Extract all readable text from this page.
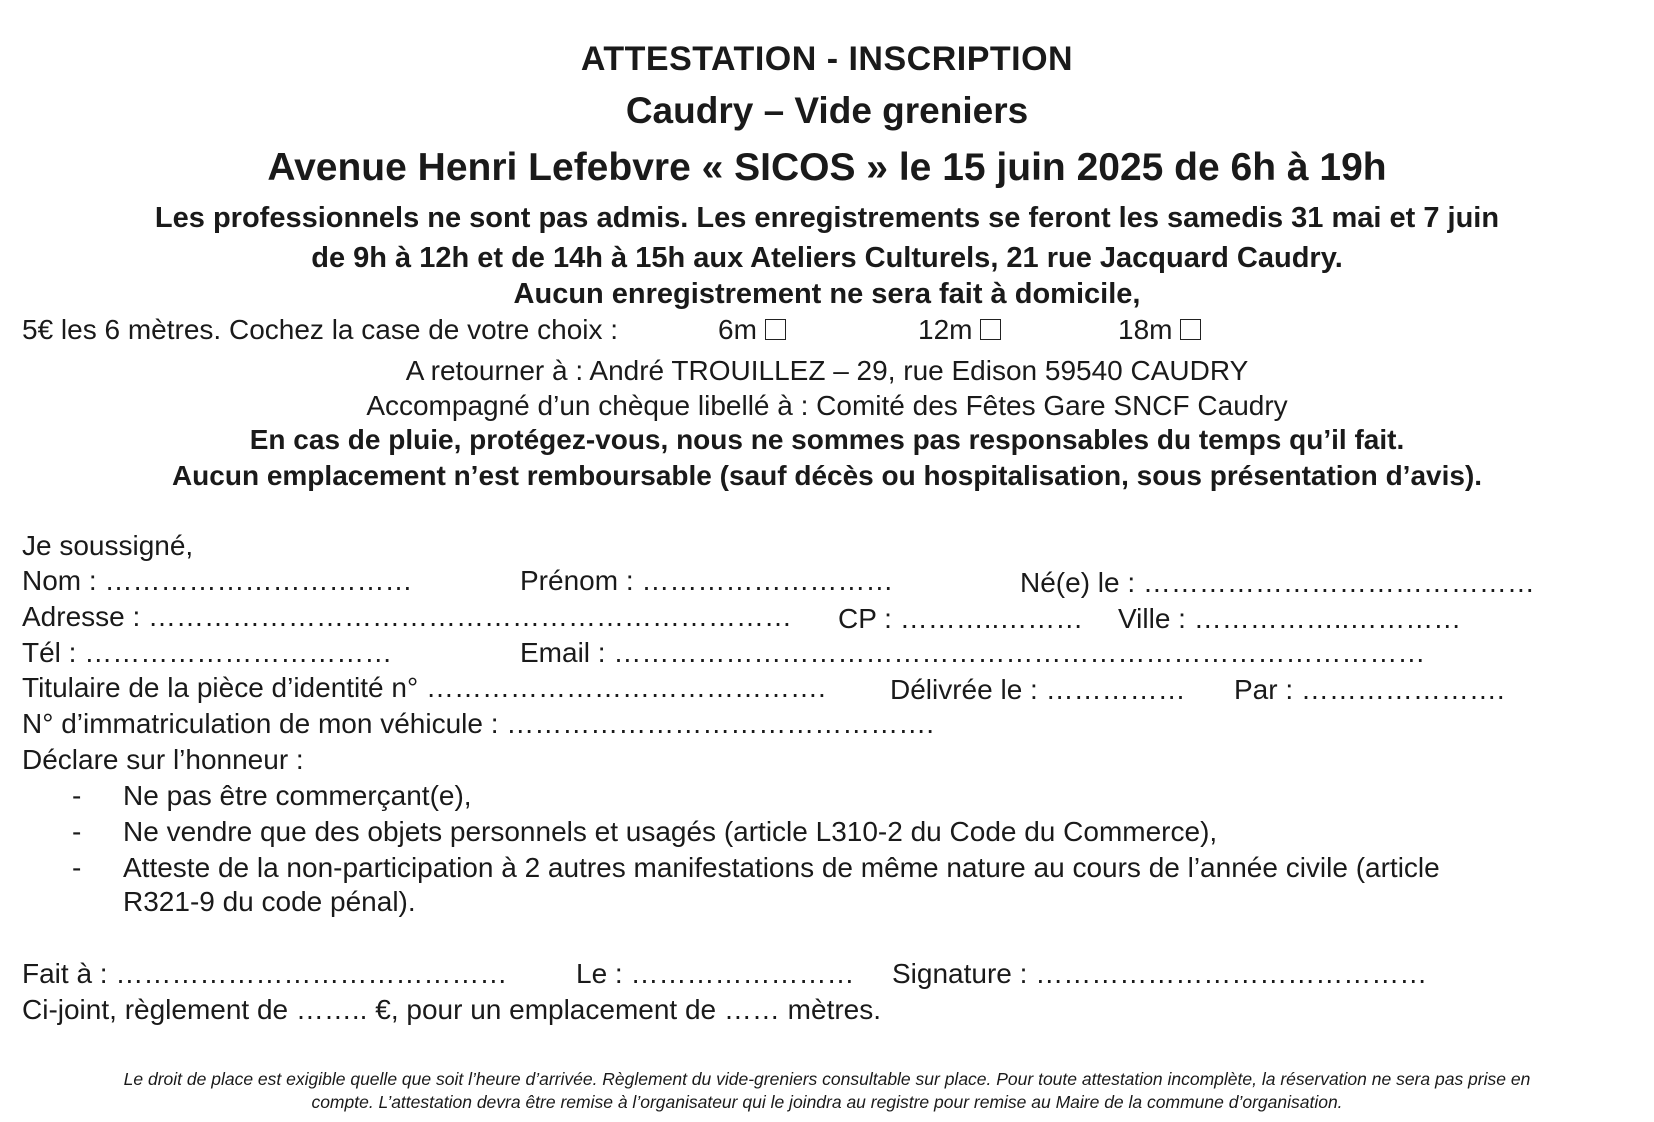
ATTESTATION - INSCRIPTION
Caudry – Vide greniers
Avenue Henri Lefebvre « SICOS » le 15 juin 2025 de 6h à 19h
Les professionnels ne sont pas admis. Les enregistrements se feront les samedis 31 mai et 7 juin
de 9h à 12h et de 14h à 15h aux Ateliers Culturels, 21 rue Jacquard Caudry.
Aucun enregistrement ne sera fait à domicile,
5€ les 6 mètres. Cochez la case de votre choix :	6m	12m	18m
A retourner à : André TROUILLEZ – 29, rue Edison 59540 CAUDRY
Accompagné d’un chèque libellé à : Comité des Fêtes Gare SNCF Caudry
En cas de pluie, protégez-vous, nous ne sommes pas responsables du temps qu’il fait.
Aucun emplacement n’est remboursable (sauf décès ou hospitalisation, sous présentation d’avis).
Je soussigné,
Nom : ……………………………	Prénom : ………………………	Né(e) le : ……………………………………
Adresse : …………………………………………………………… CP : ………..……… Ville : ……………..…………
Tél : ……………………………	Email : ……………………………………………………………………………
Titulaire de la pièce d’identité n° ……………………………………. Délivrée le : …………… Par : ………………….
N° d’immatriculation de mon véhicule : ……………………………………….
Déclare sur l’honneur :
- Ne pas être commerçant(e),
- Ne vendre que des objets personnels et usagés (article L310-2 du Code du Commerce),
- Atteste de la non-participation à 2 autres manifestations de même nature au cours de l’année civile (article
R321-9 du code pénal).
Fait à : …………………………………… Le : …………………… Signature : ……………………………………
Ci-joint, règlement de …….. €, pour un emplacement de …… mètres.
Le droit de place est exigible quelle que soit l’heure d’arrivée. Règlement du vide-greniers consultable sur place. Pour toute attestation incomplète, la réservation ne sera pas prise en
compte. L’attestation devra être remise à l’organisateur qui le joindra au registre pour remise au Maire de la commune d’organisation.
